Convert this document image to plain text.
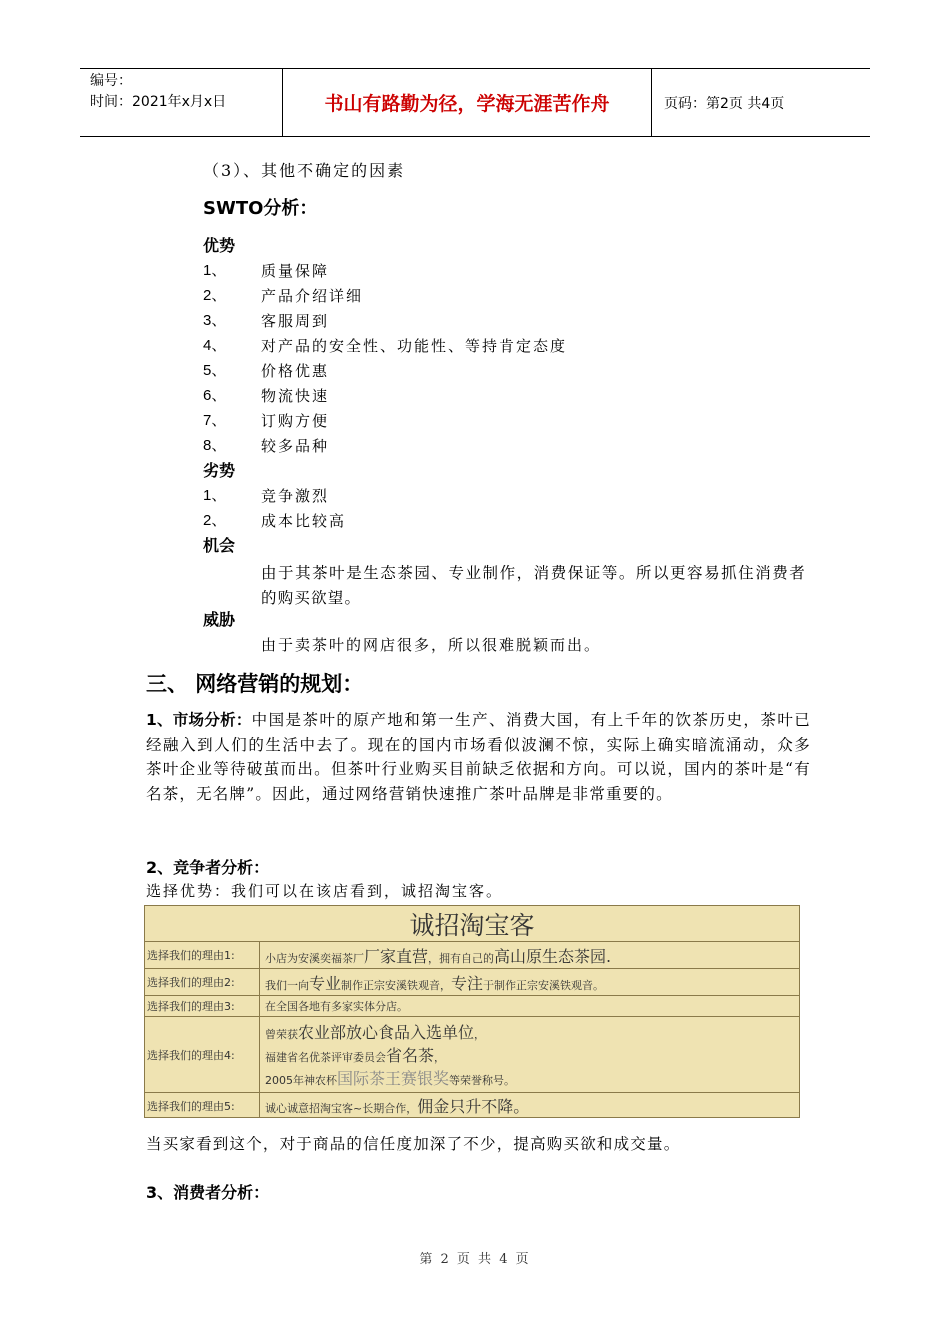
编号：
时间：2021年x月x日	书山有路勤为径，学海无涯苦作舟	页码：第2页 共4页
（3）、其他不确定的因素
SWTO分析：
优势
1、 质量保障
2、 产品介绍详细
3、 客服周到
4、 对产品的安全性、功能性、等持肯定态度
5、 价格优惠
6、 物流快速
7、 订购方便
8、 较多品种
劣势
1、 竞争激烈
2、 成本比较高
机会
由于其茶叶是生态茶园、专业制作，消费保证等。所以更容易抓住消费者的购买欲望。
威胁
由于卖茶叶的网店很多，所以很难脱颖而出。
三、 网络营销的规划：
1、市场分析：中国是茶叶的原产地和第一生产、消费大国，有上千年的饮茶历史，茶叶已经融入到人们的生活中去了。现在的国内市场看似波澜不惊，实际上确实暗流涌动，众多茶叶企业等待破茧而出。但茶叶行业购买目前缺乏依据和方向。可以说，国内的茶叶是“有名茶，无名牌”。因此，通过网络营销快速推广茶叶品牌是非常重要的。
2、竞争者分析：
选择优势：我们可以在该店看到，诚招淘宝客。
诚招淘宝客
选择我们的理由1:	小店为安溪奕福茶厂厂家直营，拥有自己的高山原生态茶园.
选择我们的理由2:	我们一向专业制作正宗安溪铁观音，专注于制作正宗安溪铁观音。
选择我们的理由3:	在全国各地有多家实体分店。
选择我们的理由4:
曾荣获农业部放心食品入选单位，
福建省名优茶评审委员会省名茶，
2005年神农杯国际茶王赛银奖等荣誉称号。
选择我们的理由5:	诚心诚意招淘宝客~长期合作，佣金只升不降。
当买家看到这个，对于商品的信任度加深了不少，提高购买欲和成交量。
3、消费者分析：
第 2 页 共 4 页
